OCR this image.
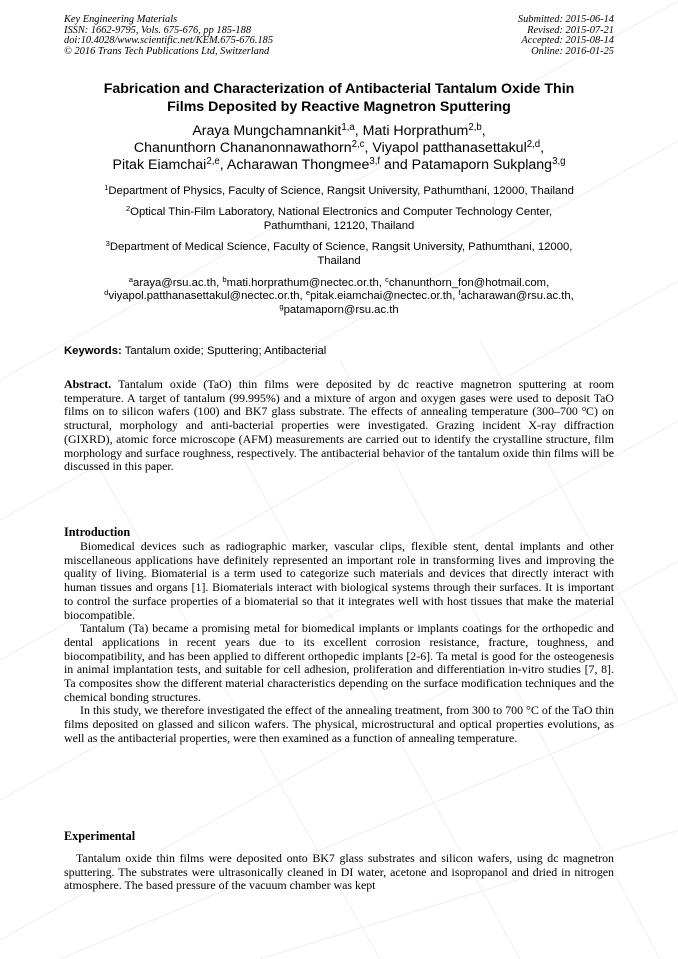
Key Engineering Materials
ISSN: 1662-9795, Vols. 675-676, pp 185-188
doi:10.4028/www.scientific.net/KEM.675-676.185
© 2016 Trans Tech Publications Ltd, Switzerland
Submitted: 2015-06-14
Revised: 2015-07-21
Accepted: 2015-08-14
Online: 2016-01-25
Fabrication and Characterization of Antibacterial Tantalum Oxide Thin
Films Deposited by Reactive Magnetron Sputtering
Araya Mungchamnankit$^{1,a}$, Mati Horprathum$^{2,b}$,
Chanunthorn Chananonnawathorn$^{2,c}$, Viyapol patthanasettakul$^{2,d}$,
Pitak Eiamchai$^{2,e}$, Acharawan Thongmee$^{3,f}$ and Patamaporn Sukplang$^{3,g}$
$^1$Department of Physics, Faculty of Science, Rangsit University, Pathumthani, 12000, Thailand
$^2$Optical Thin-Film Laboratory, National Electronics and Computer Technology Center,
Pathumthani, 12120, Thailand
$^3$Department of Medical Science, Faculty of Science, Rangsit University, Pathumthani, 12000,
Thailand
$^a$araya@rsu.ac.th, $^b$mati.horprathum@nectec.or.th, $^c$chanunthorn_fon@hotmail.com,
$^d$viyapol.patthanasettakul@nectec.or.th, $^e$pitak.eiamchai@nectec.or.th, $^f$acharawan@rsu.ac.th,
$^g$patamaporn@rsu.ac.th
Keywords: Tantalum oxide; Sputtering; Antibacterial
Abstract. Tantalum oxide (TaO) thin films were deposited by dc reactive magnetron sputtering at room temperature. A target of tantalum (99.995%) and a mixture of argon and oxygen gases were used to deposit TaO films on to silicon wafers (100) and BK7 glass substrate. The effects of annealing temperature (300–700 $^o$C) on structural, morphology and anti-bacterial properties were investigated. Grazing incident X-ray diffraction (GIXRD), atomic force microscope (AFM) measurements are carried out to identify the crystalline structure, film morphology and surface roughness, respectively. The antibacterial behavior of the tantalum oxide thin films will be discussed in this paper.
Introduction

Biomedical devices such as radiographic marker, vascular clips, flexible stent, dental implants and other miscellaneous applications have definitely represented an important role in transforming lives and improving the quality of living. Biomaterial is a term used to categorize such materials and devices that directly interact with human tissues and organs [1]. Biomaterials interact with biological systems through their surfaces. It is important to control the surface properties of a biomaterial so that it integrates well with host tissues that make the material biocompatible.

Tantalum (Ta) became a promising metal for biomedical implants or implants coatings for the orthopedic and dental applications in recent years due to its excellent corrosion resistance, fracture, toughness, and biocompatibility, and has been applied to different orthopedic implants [2-6]. Ta metal is good for the osteogenesis in animal implantation tests, and suitable for cell adhesion, proliferation and differentiation in-vitro studies [7, 8]. Ta composites show the different material characteristics depending on the surface modification techniques and the chemical bonding structures.

In this study, we therefore investigated the effect of the annealing treatment, from 300 to 700 °C of the TaO thin films deposited on glassed and silicon wafers. The physical, microstructural and optical properties evolutions, as well as the antibacterial properties, were then examined as a function of annealing temperature.

Experimental

Tantalum oxide thin films were deposited onto BK7 glass substrates and silicon wafers, using dc magnetron sputtering. The substrates were ultrasonically cleaned in DI water, acetone and isopropanol and dried in nitrogen atmosphere. The based pressure of the vacuum chamber was kept
